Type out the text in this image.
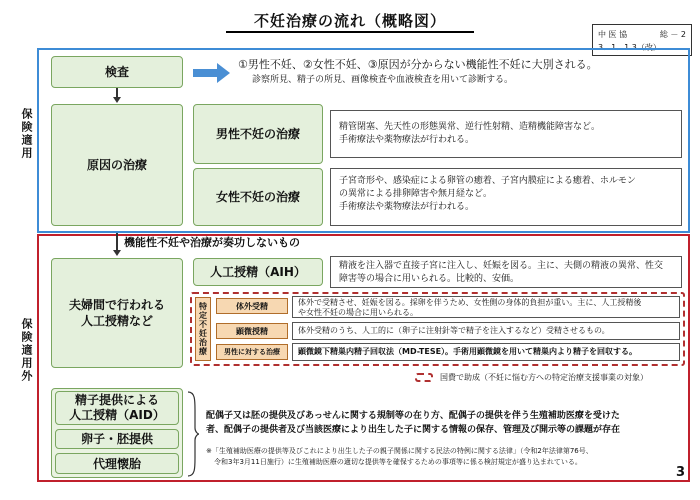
不妊治療の流れ（概略図）
中 医 協	総 － 2
3．1．1 3（改）
保険適用
保険適用外
検査
①男性不妊、②女性不妊、③原因が分からない機能性不妊に大別される。
診察所見、精子の所見、画像検査や血液検査を用いて診断する。
原因の治療
男性不妊の治療
女性不妊の治療
精管閉塞、先天性の形態異常、逆行性射精、造精機能障害など。
手術療法や薬物療法が行われる。
子宮奇形や、感染症による卵管の癒着、子宮内膜症による癒着、ホルモン
の異常による排卵障害や無月経など。
手術療法や薬物療法が行われる。
機能性不妊や治療が奏功しないもの
夫婦間で行われる
人工授精など
人工授精（AIH）	精液を注入器で直接子宮に注入し、妊娠を図る。主に、夫側の精液の異常、性交
障害等の場合に用いられる。比較的、安価。
特定不妊治療	体外受精	体外で受精させ、妊娠を図る。採卵を伴うため、女性側の身体的負担が重い。主に、人工授精後
や女性不妊の場合に用いられる。
顕微授精	体外受精のうち、人工的に（卵子に注射針等で精子を注入するなど）受精させるもの。
男性に対する治療	顕微鏡下精巣内精子回収法（MD-TESE）。手術用顕微鏡を用いて精巣内より精子を回収する。
国費で助成（不妊に悩む方への特定治療支援事業の対象）
精子提供による
人工授精（AID）
卵子・胚提供
代理懐胎
配偶子又は胚の提供及びあっせんに関する規制等の在り方、配偶子の提供を伴う生殖補助医療を受けた
者、配偶子の提供者及び当該医療により出生した子に関する情報の保存、管理及び開示等の課題が存在
※「生殖補助医療の提供等及びこれにより出生した子の親子関係に関する民法の特例に関する法律」（令和2年法律第76号、
令和3年3月11日施行）に生殖補助医療の適切な提供等を確保するための事項等に係る検討規定が盛り込まれている。
3
